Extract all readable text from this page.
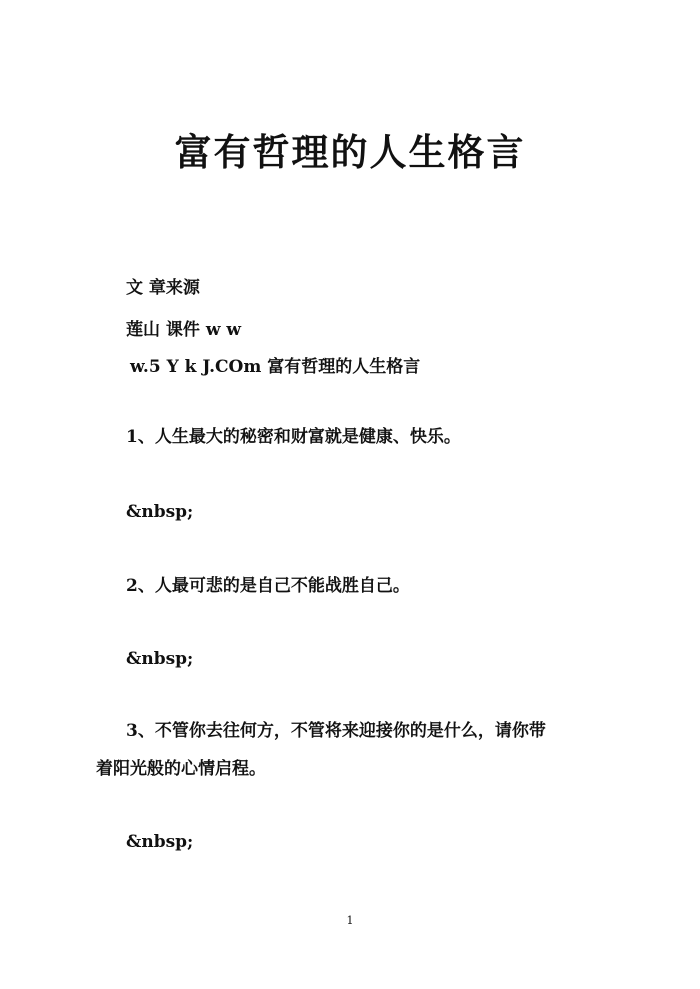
富有哲理的人生格言
文 章来源
莲山 课件 w w
w.5 Y k J.COm 富有哲理的人生格言
1、人生最大的秘密和财富就是健康、快乐。
&nbsp;
2、人最可悲的是自己不能战胜自己。
&nbsp;
3、不管你去往何方，不管将来迎接你的是什么，请你带
着阳光般的心情启程。
&nbsp;
1
